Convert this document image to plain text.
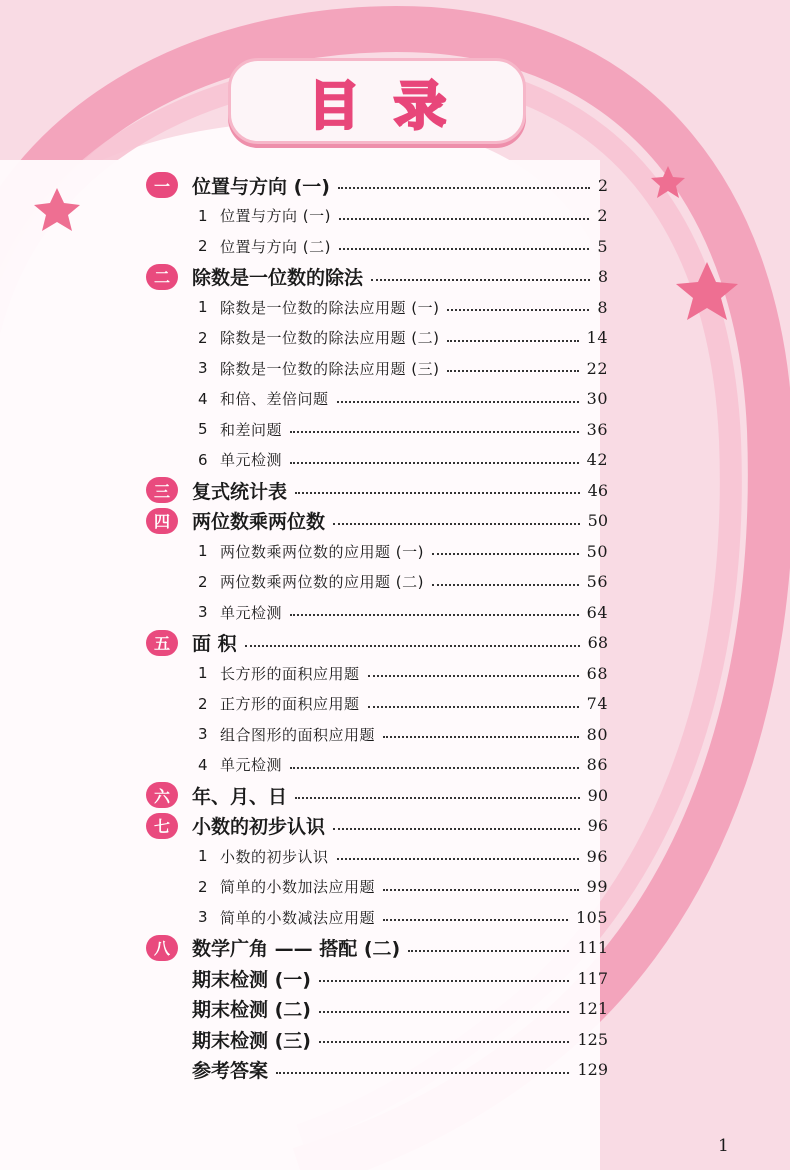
目录
一	位置与方向 (一)	2
1 位置与方向 (一)	2
2 位置与方向 (二)	5
二	除数是一位数的除法	8
1 除数是一位数的除法应用题 (一)	8
2 除数是一位数的除法应用题 (二)	14
3 除数是一位数的除法应用题 (三)	22
4 和倍、差倍问题	30
5 和差问题	36
6 单元检测	42
三	复式统计表	46
四	两位数乘两位数	50
1 两位数乘两位数的应用题 (一)	50
2 两位数乘两位数的应用题 (二)	56
3 单元检测	64
五	面 积	68
1 长方形的面积应用题	68
2 正方形的面积应用题	74
3 组合图形的面积应用题	80
4 单元检测	86
六	年、月、日	90
七	小数的初步认识	96
1 小数的初步认识	96
2 简单的小数加法应用题	99
3 简单的小数减法应用题	105
八	数学广角 —— 搭配 (二)	111
期末检测 (一)	117
期末检测 (二)	121
期末检测 (三)	125
参考答案	129
1
